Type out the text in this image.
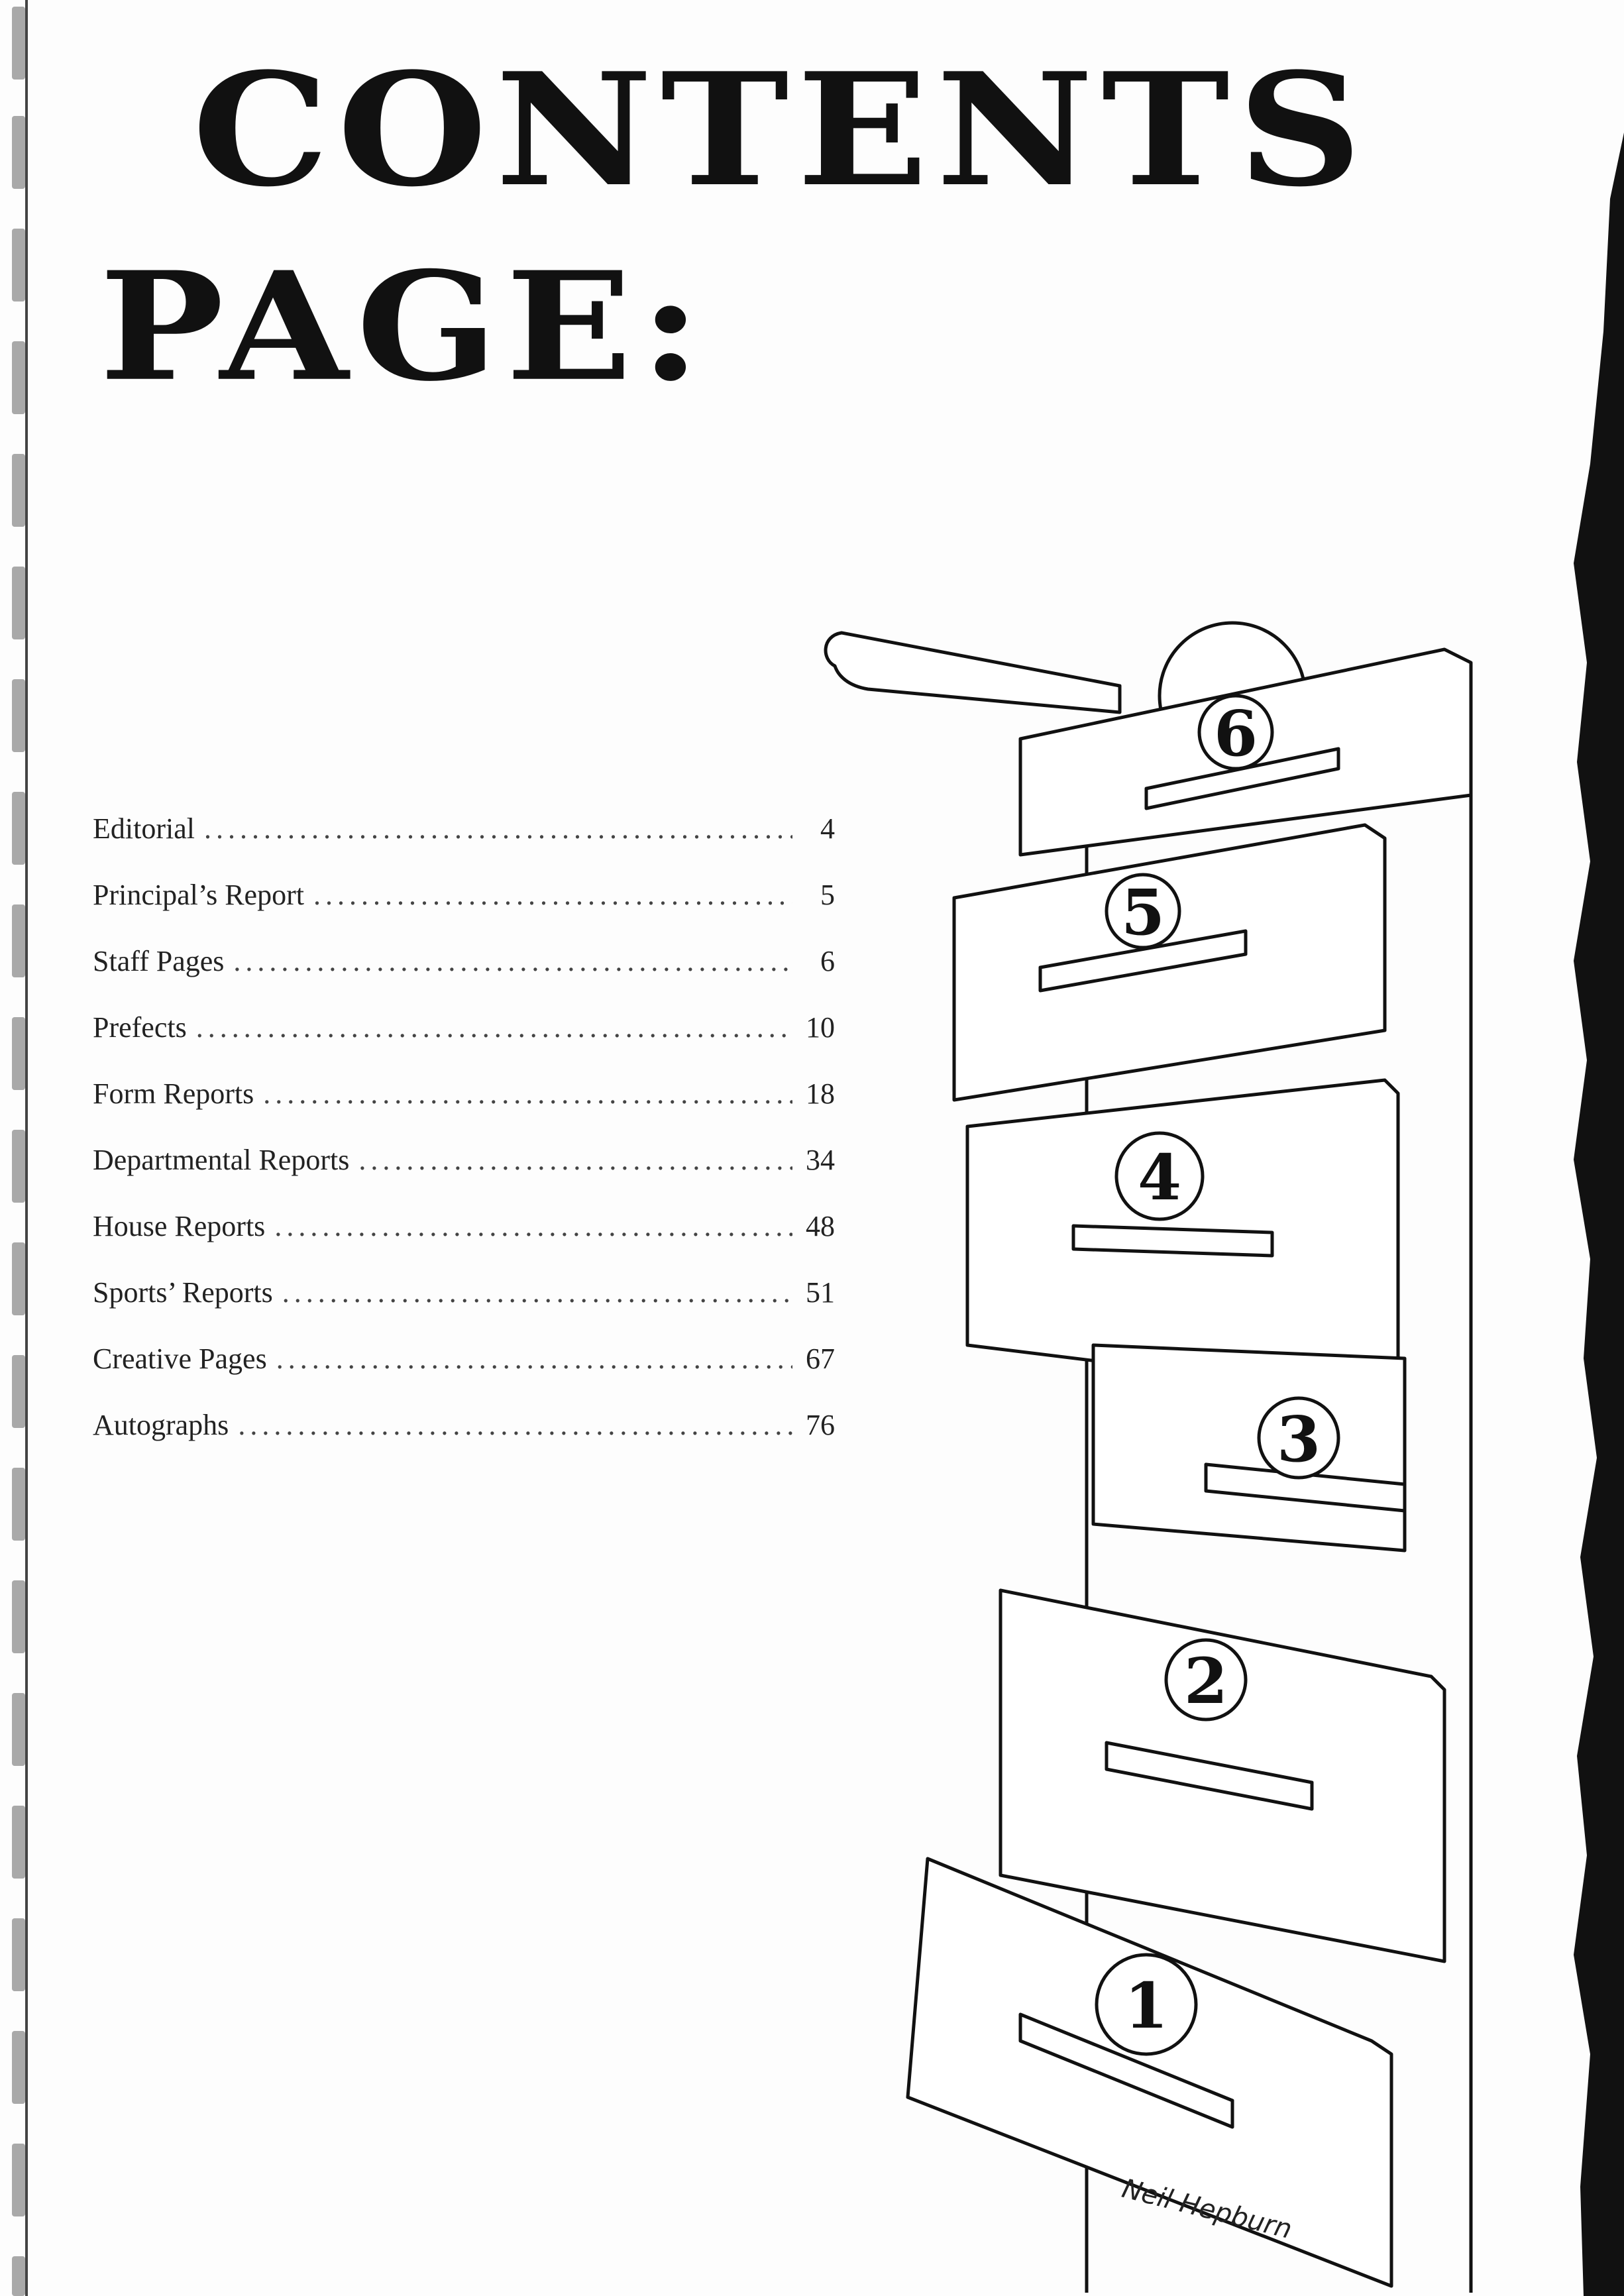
CONTENTS
PAGE:
Editorial .....	4
Principal’s Report .....	5
Staff Pages .....	6
Prefects .....	10
Form Reports .....	18
Departmental Reports .....	34
House Reports .....	48
Sports’ Reports .....	51
Creative Pages .....	67
Autographs .....	76
6
5
4
3
2
1
Neil Hepburn
